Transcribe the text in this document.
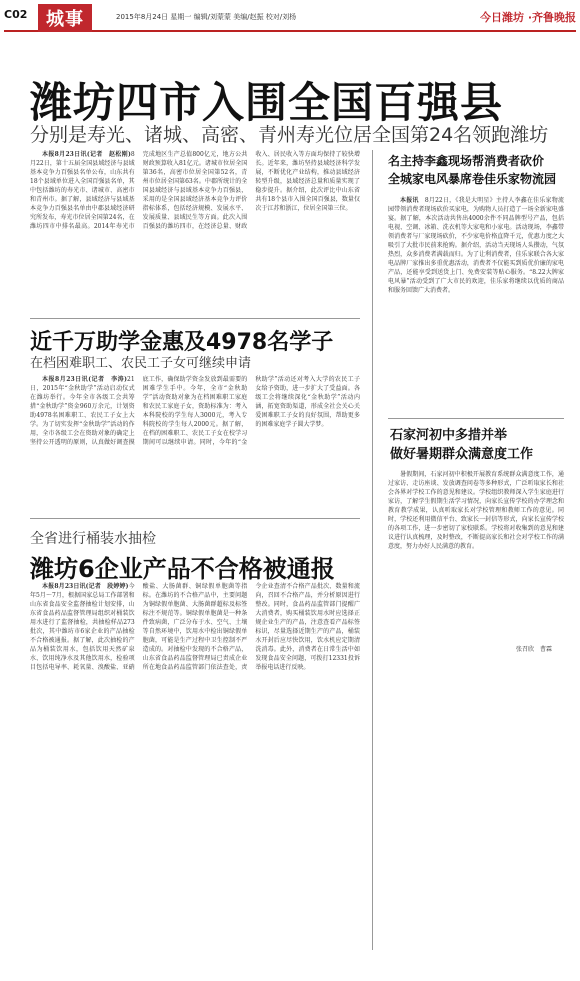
C02	城事	2015年8月24日 星期一 编辑/刘蒙蒙 美编/赵振 校对/刘杨	今日潍坊 ·齐鲁晚报
潍坊四市入围全国百强县
分别是寿光、诸城、高密、青州寿光位居全国第24名领跑潍坊

本报8月23日讯(记者　赵松刚)8月22日，第十五届全国县域经济与县域基本竞争力百强县名单公布，山东共有18个县域单位进入全国百强县名单，其中包括潍坊的寿光市、诸城市、高密市和青州市。据了解，县域经济与县域基本竞争力百强县名单由中郡县域经济研究所发布，寿光市位居全国第24名，在潍坊四市中排名最高。2014年寿光市完成地区生产总值800亿元，地方公共财政预算收入81亿元。诸城市位居全国第36名，高密市位居全国第52名，青州市位居全国第63名。中郡所统计的全国县域经济与县域基本竞争力百强县，采用的是全国县域经济基本竞争力评价指标体系，包括经济规模、发展水平、发展质量、县域民生等方面。此次入围百强县的潍坊四市，在经济总量、财政收入、居民收入等方面均保持了较快增长。近年来，潍坊坚持县域经济科学发展，不断优化产业结构，推动县域经济转型升级，县域经济总量和质量实现了稳步提升。据介绍，此次评比中山东省共有18个县市入围全国百强县，数量仅次于江苏和浙江，位居全国第三位。

近千万助学金惠及4978名学子
在档困难职工、农民工子女可继续申请

本报8月23日讯(记者　李涛)21日，2015年“金秋助学”活动启动仪式在潍坊举行。今年全市各级工会共筹措“金秋助学”资金960万余元，计划资助4978名困难职工、农民工子女上大学。为了切实发挥“金秋助学”活动的作用，全市各级工会在资助对象的确定上坚持公开透明的原则，认真做好调查摸底工作，确保助学资金发放到最需要的困难学生手中。今年，全市“金秋助学”活动资助对象为在档困难职工家庭和农民工家庭子女，资助标准为：考入本科院校的学生每人3000元，考入专科院校的学生每人2000元。据了解，在档的困难职工、农民工子女在校学习期间可以继续申请。同时，今年的“金秋助学”活动还对考入大学的农民工子女给予资助，进一步扩大了受益面。各级工会将继续深化“金秋助学”活动内涵，拓宽资助渠道，形成全社会关心关爱困难职工子女的良好氛围，帮助更多的困难家庭学子圆大学梦。

全省进行桶装水抽检
潍坊6企业产品不合格被通报

本报8月23日讯(记者　段婷婷)今年5月～7月，根据国家总局工作部署和山东省食品安全监督抽检计划安排，山东省食品药品监督管理局组织对桶装饮用水进行了监督抽检，共抽检样品273批次，其中潍坊市6家企业的产品抽检不合格被通报。据了解，此次抽检的产品为桶装饮用水，包括饮用天然矿泉水、饮用纯净水及其他饮用水，检验项目包括电导率、耗氧量、溴酸盐、亚硝酸盐、大肠菌群、铜绿假单胞菌等指标。在潍坊的不合格产品中，主要问题为铜绿假单胞菌、大肠菌群超标及标签标注不规范等。铜绿假单胞菌是一种条件致病菌，广泛分布于水、空气、土壤等自然环境中，饮用水中检出铜绿假单胞菌，可能是生产过程中卫生控制不严造成的。对抽检中发现的不合格产品，山东省食品药品监督管理局已责成企业所在地食品药品监管部门依法查处，责令企业查清不合格产品批次、数量和流向，召回不合格产品，并分析原因进行整改。同时，食品药品监管部门提醒广大消费者，购买桶装饮用水时应选择正规企业生产的产品，注意查看产品标签标识，尽量选择近期生产的产品，桶装水开封后应尽快饮用，饮水机应定期清洗消毒。此外，消费者在日常生活中如发现食品安全问题，可拨打12331投诉举报电话进行反映。

名主持李鑫现场帮消费者砍价
全城家电风暴席卷佳乐家物流园

本报讯　 8月22日，《我是大明星》主持人李鑫在佳乐家物流园带领消费者现场砍价买家电，为购物人员打造了一场全新家电盛宴。据了解，本次活动共售出4000余件不同品牌型号产品，包括电视、空调、冰箱、洗衣机等大家电和小家电。活动现场，李鑫带领消费者与厂家现场砍价，不少家电价格直降千元，优惠力度之大吸引了大批市民前来抢购。据介绍，活动当天现场人头攒动，气氛热烈，众多消费者满载而归。为了让利消费者，佳乐家联合各大家电品牌厂家推出多重优惠活动，消费者不仅能买到质优价廉的家电产品，还能享受到送货上门、免费安装等贴心服务。“8.22大牌家电风暴”活动受到了广大市民的欢迎，佳乐家将继续以优质的商品和服务回馈广大消费者。

石家河初中多措并举
做好暑期群众满意度工作

暑假期间，石家河初中积极开展教育系统群众满意度工作，通过家访、走访座谈、发放调查问卷等多种形式，广泛听取家长和社会各界对学校工作的意见和建议。学校组织教师深入学生家庭进行家访，了解学生假期生活学习情况，向家长宣传学校的办学理念和教育教学成果，认真听取家长对学校管理和教师工作的意见。同时，学校还利用微信平台、致家长一封信等形式，向家长宣传学校的各项工作，进一步密切了家校联系。学校将对收集到的意见和建议进行认真梳理，及时整改，不断提高家长和社会对学校工作的满意度，努力办好人民满意的教育。

张召欣　曹霖
